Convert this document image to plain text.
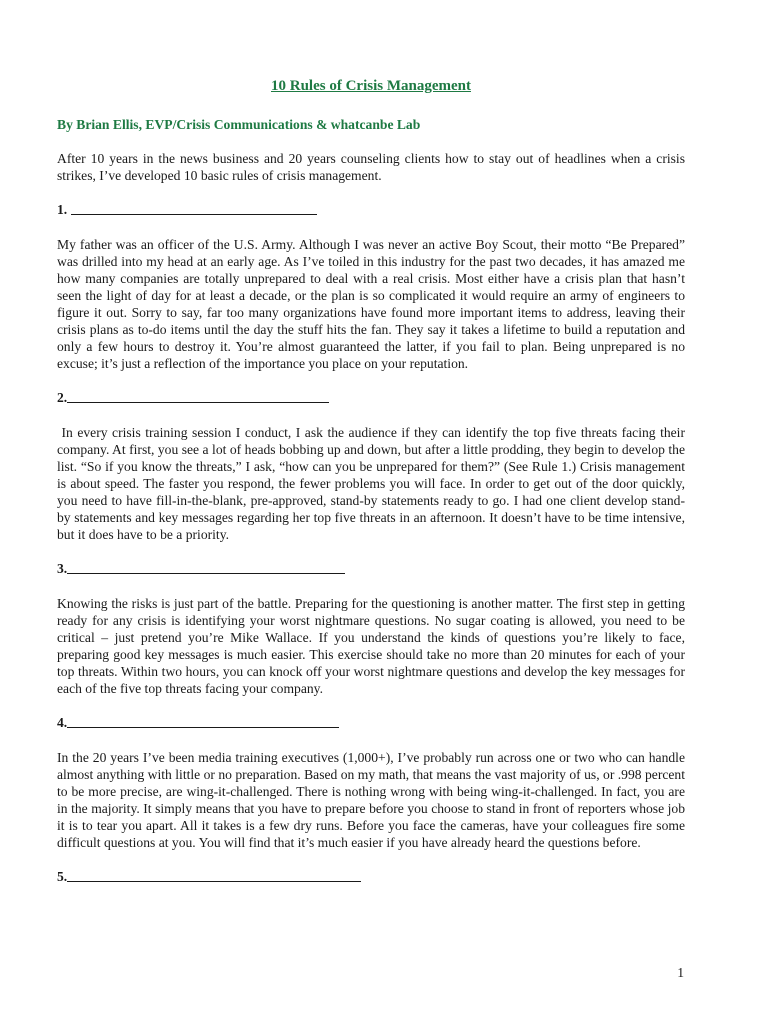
10 Rules of Crisis Management
By Brian Ellis, EVP/Crisis Communications & whatcanbe Lab

After 10 years in the news business and 20 years counseling clients how to stay out of headlines when a crisis strikes, I’ve developed 10 basic rules of crisis management.

1.

My father was an officer of the U.S. Army. Although I was never an active Boy Scout, their motto “Be Prepared” was drilled into my head at an early age. As I’ve toiled in this industry for the past two decades, it has amazed me how many companies are totally unprepared to deal with a real crisis. Most either have a crisis plan that hasn’t seen the light of day for at least a decade, or the plan is so complicated it would require an army of engineers to figure it out. Sorry to say, far too many organizations have found more important items to address, leaving their crisis plans as to-do items until the day the stuff hits the fan. They say it takes a lifetime to build a reputation and only a few hours to destroy it. You’re almost guaranteed the latter, if you fail to plan. Being unprepared is no excuse; it’s just a reflection of the importance you place on your reputation.

2.

In every crisis training session I conduct, I ask the audience if they can identify the top five threats facing their company. At first, you see a lot of heads bobbing up and down, but after a little prodding, they begin to develop the list. “So if you know the threats,” I ask, “how can you be unprepared for them?” (See Rule 1.) Crisis management is about speed. The faster you respond, the fewer problems you will face. In order to get out of the door quickly, you need to have fill-in-the-blank, pre-approved, stand-by statements ready to go. I had one client develop stand-by statements and key messages regarding her top five threats in an afternoon. It doesn’t have to be time intensive, but it does have to be a priority.

3.

Knowing the risks is just part of the battle. Preparing for the questioning is another matter. The first step in getting ready for any crisis is identifying your worst nightmare questions. No sugar coating is allowed, you need to be critical – just pretend you’re Mike Wallace. If you understand the kinds of questions you’re likely to face, preparing good key messages is much easier. This exercise should take no more than 20 minutes for each of your top threats. Within two hours, you can knock off your worst nightmare questions and develop the key messages for each of the five top threats facing your company.

4.

In the 20 years I’ve been media training executives (1,000+), I’ve probably run across one or two who can handle almost anything with little or no preparation. Based on my math, that means the vast majority of us, or .998 percent to be more precise, are wing-it-challenged. There is nothing wrong with being wing-it-challenged. In fact, you are in the majority. It simply means that you have to prepare before you choose to stand in front of reporters whose job it is to tear you apart. All it takes is a few dry runs. Before you face the cameras, have your colleagues fire some difficult questions at you. You will find that it’s much easier if you have already heard the questions before.

5.
1
